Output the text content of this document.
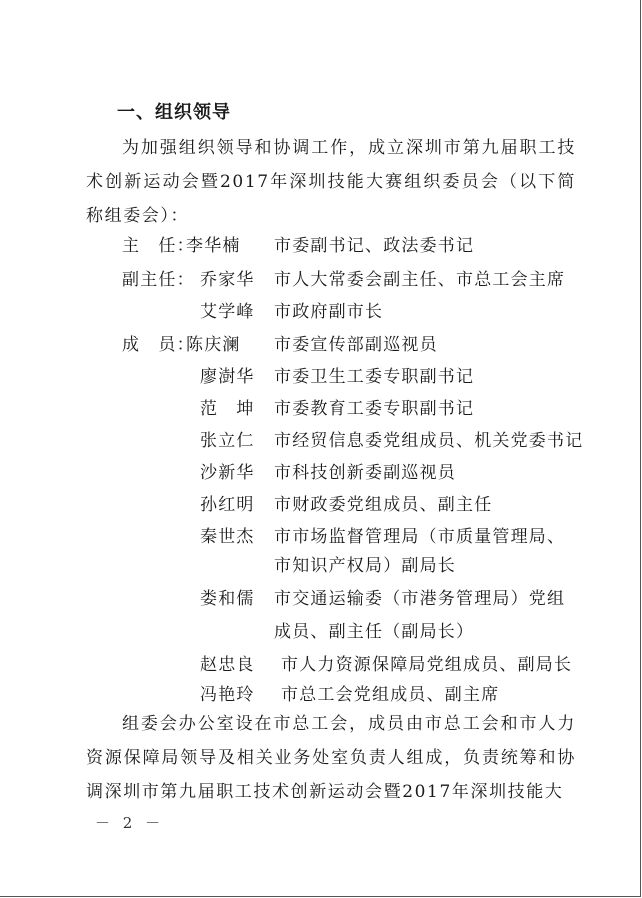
一、组织领导
为加强组织领导和协调工作，成立深圳市第九届职工技术创新运动会暨2017年深圳技能大赛组织委员会（以下简称组委会）：
主　任：
李华楠 市委副书记、政法委书记
副主任： 乔家华 市人大常委会副主任、市总工会主席
艾学峰 市政府副市长
成　员：
陈庆澜 市委宣传部副巡视员
廖澍华 市委卫生工委专职副书记
范　坤 市委教育工委专职副书记
张立仁 市经贸信息委党组成员、机关党委书记
沙新华 市科技创新委副巡视员
孙红明 市财政委党组成员、副主任
秦世杰 市市场监督管理局（市质量管理局、
市知识产权局）副局长
娄和儒 市交通运输委（市港务管理局）党组
成员、副主任（副局长）
赵忠良 市人力资源保障局党组成员、副局长
冯艳玲 市总工会党组成员、副主席
组委会办公室设在市总工会，成员由市总工会和市人力资源保障局领导及相关业务处室负责人组成，负责统筹和协调深圳市第九届职工技术创新运动会暨2017年深圳技能大
－ 2 －
